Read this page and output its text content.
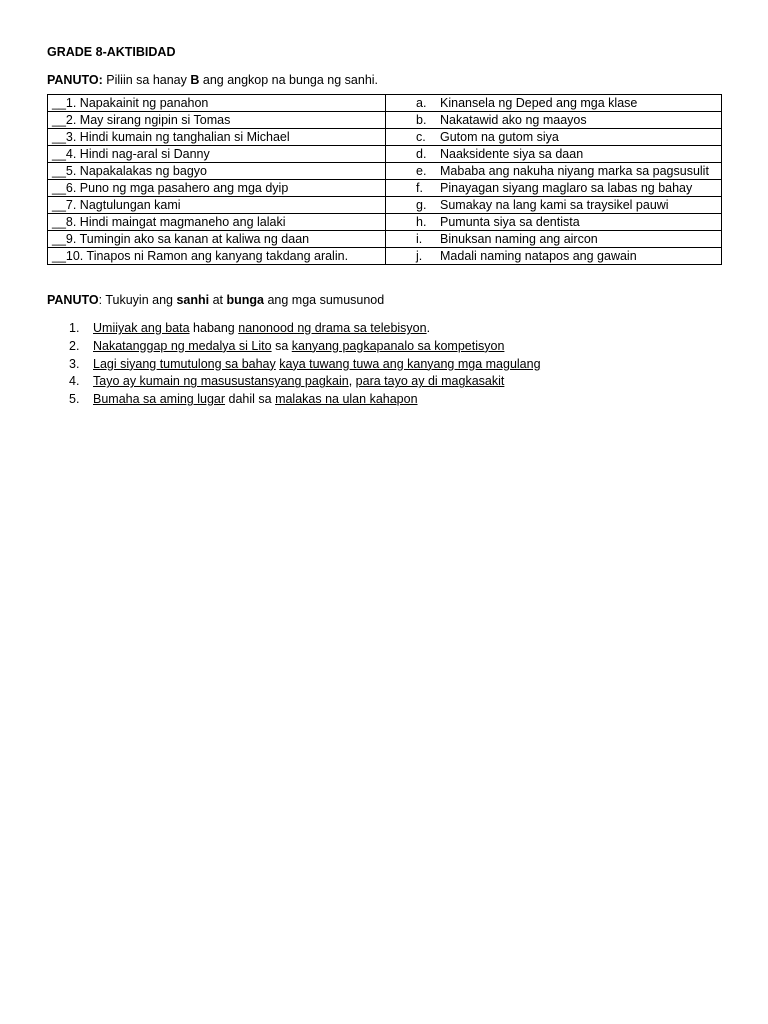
GRADE 8-AKTIBIDAD

PANUTO: Piliin sa hanay B ang angkop na bunga ng sanhi.

__1. Napakainit ng panahon	a. Kinansela ng Deped ang mga klase
__2. May sirang ngipin si Tomas	b. Nakatawid ako ng maayos
__3. Hindi kumain ng tanghalian si Michael	c. Gutom na gutom siya
__4. Hindi nag-aral si Danny	d. Naaksidente siya sa daan
__5. Napakalakas ng bagyo	e. Mababa ang nakuha niyang marka sa pagsusulit
__6. Puno ng mga pasahero ang mga dyip	f. Pinayagan siyang maglaro sa labas ng bahay
__7. Nagtulungan kami	g. Sumakay na lang kami sa traysikel pauwi
__8. Hindi maingat magmaneho ang lalaki	h. Pumunta siya sa dentista
__9. Tumingin ako sa kanan at kaliwa ng daan	i. Binuksan naming ang aircon
__10. Tinapos ni Ramon ang kanyang takdang aralin.	j. Madali naming natapos ang gawain

PANUTO: Tukuyin ang sanhi at bunga ang mga sumusunod

1. Umiiyak ang bata habang nanonood ng drama sa telebisyon.
2. Nakatanggap ng medalya si Lito sa kanyang pagkapanalo sa kompetisyon
3. Lagi siyang tumutulong sa bahay kaya tuwang tuwa ang kanyang mga magulang
4. Tayo ay kumain ng masusustansyang pagkain, para tayo ay di magkasakit
5. Bumaha sa aming lugar dahil sa malakas na ulan kahapon
